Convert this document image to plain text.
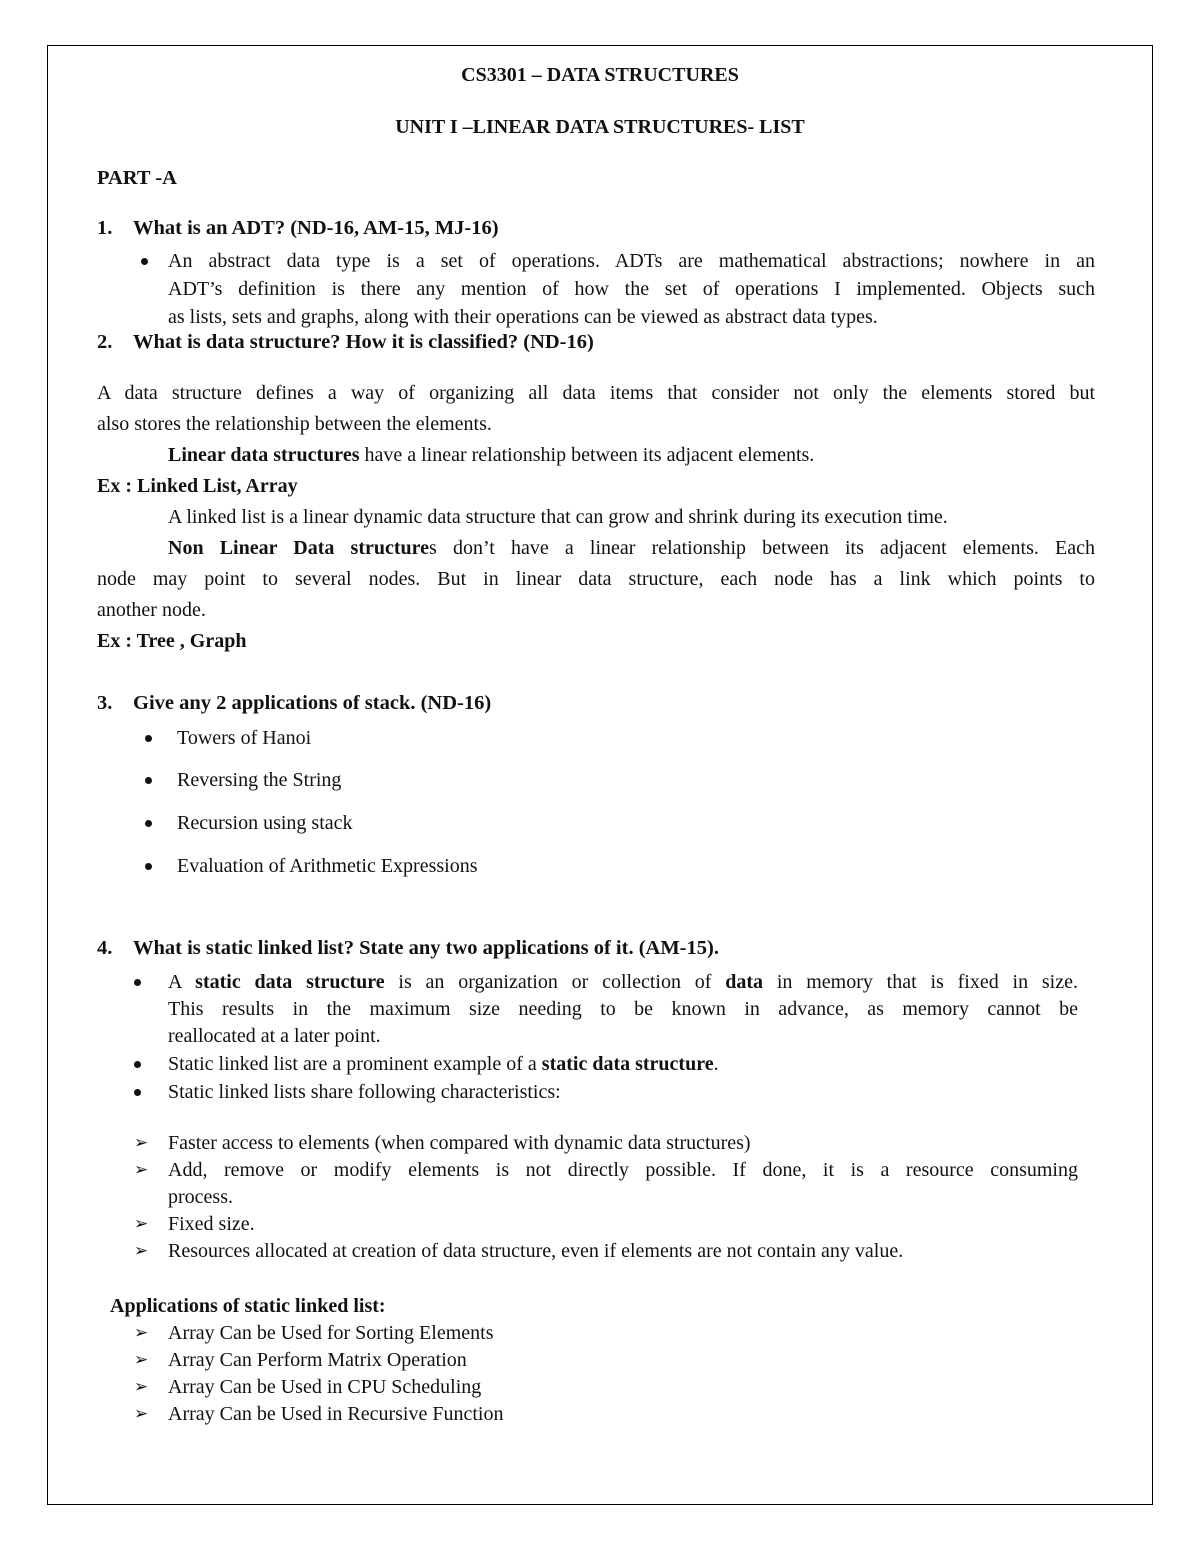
CS3301 – DATA STRUCTURES
UNIT I –LINEAR DATA STRUCTURES- LIST
PART -A
1. What is an ADT? (ND-16, AM-15, MJ-16)
An abstract data type is a set of operations. ADTs are mathematical abstractions; nowhere in an
ADT’s definition is there any mention of how the set of operations I implemented. Objects such
as lists, sets and graphs, along with their operations can be viewed as abstract data types.
2. What is data structure? How it is classified? (ND-16)
A data structure defines a way of organizing all data items that consider not only the elements stored but
also stores the relationship between the elements.
Linear data structures have a linear relationship between its adjacent elements.
Ex : Linked List, Array
A linked list is a linear dynamic data structure that can grow and shrink during its execution time.
Non Linear Data structures don’t have a linear relationship between its adjacent elements. Each
node may point to several nodes. But in linear data structure, each node has a link which points to
another node.
Ex : Tree , Graph
3. Give any 2 applications of stack. (ND-16)
Towers of Hanoi
Reversing the String
Recursion using stack
Evaluation of Arithmetic Expressions
4. What is static linked list? State any two applications of it. (AM-15).
A static data structure is an organization or collection of data in memory that is fixed in size.
This results in the maximum size needing to be known in advance, as memory cannot be
reallocated at a later point.
Static linked list are a prominent example of a static data structure.
Static linked lists share following characteristics:
➢ Faster access to elements (when compared with dynamic data structures)
➢ Add, remove or modify elements is not directly possible. If done, it is a resource consuming
process.
➢ Fixed size.
➢ Resources allocated at creation of data structure, even if elements are not contain any value.
Applications of static linked list:
➢ Array Can be Used for Sorting Elements
➢ Array Can Perform Matrix Operation
➢ Array Can be Used in CPU Scheduling
➢ Array Can be Used in Recursive Function
